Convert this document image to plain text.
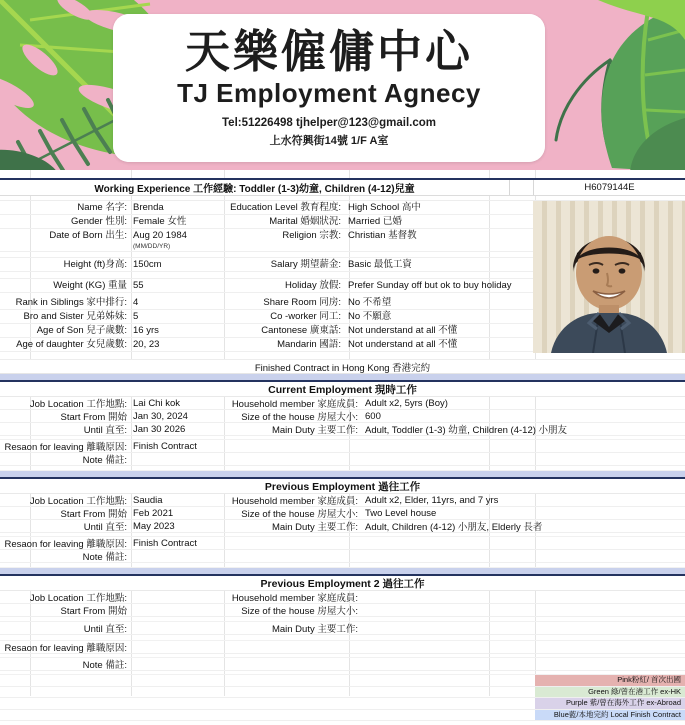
天樂僱傭中心
TJ Employment Agnecy
Tel:51226498 tjhelper@123@gmail.com
上水符興街14號 1/F A室
Working Experience 工作經驗: Toddler (1-3)幼童, Children (4-12)兒童	H6079144E
Name 名字: Brenda	Education Level 教育程度: High School 高中
Gender 性別: Female 女性	Marital 婚姻狀況: Married 已婚
Date of Born 出生: Aug 20 1984	Religion 宗教: Christian 基督教
(MM/DD/YR)
Height (ft)身高: 150cm	Salary 期望薪金: Basic 最低工資
Weight (KG) 重量 55	Holiday 放假: Prefer Sunday off but ok to buy holiday
Rank in Siblings 家中排行: 4	Share Room 同房: No 不希望
Bro and Sister 兄弟姊妹: 5	Co -worker 同工: No 不願意
Age of Son 兒子歲數: 16 yrs	Cantonese 廣東話: Not understand at all 不懂
Age of daughter 女兒歲數: 20, 23	Mandarin 國語: Not understand at all 不懂
Finished Contract in Hong Kong 香港完約
Current Employment 現時工作
Job Location 工作地點: Lai Chi kok	Household member 家庭成員: Adult x2, 5yrs (Boy)
Start From 開始 Jan 30, 2024	Size of the house 房屋大小: 600
Until 直至: Jan 30 2026	Main Duty 主要工作: Adult, Toddler (1-3) 幼童, Children (4-12) 小朋友
Resaon for leaving 離職原因: Finish Contract
Note 備註:
Previous Employment 過往工作
Job Location 工作地點: Saudia	Household member 家庭成員: Adult x2, Elder, 11yrs, and 7 yrs
Start From 開始 Feb 2021	Size of the house 房屋大小: Two Level house
Until 直至: May 2023	Main Duty 主要工作: Adult, Children (4-12) 小朋友, Elderly 長者
Resaon for leaving 離職原因: Finish Contract
Note 備註:
Previous Employment 2 過往工作
Job Location 工作地點:	Household member 家庭成員:
Start From 開始	Size of the house 房屋大小:
Until 直至:	Main Duty 主要工作:
Resaon for leaving 離職原因:
Note 備註:
Pink粉紅/ 首次出國
Green 綠/曾在港工作 ex-HK
Purple 紫/曾在海外工作 ex-Abroad
Blue藍/本地完約 Local Finish Contract
